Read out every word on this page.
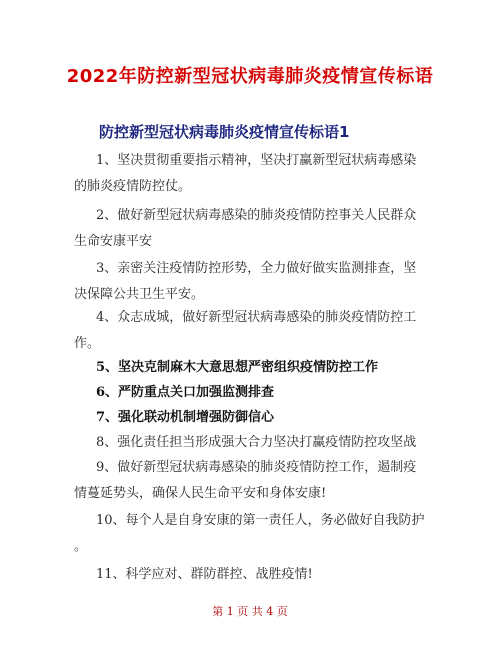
2022年防控新型冠状病毒肺炎疫情宣传标语
防控新型冠状病毒肺炎疫情宣传标语1
1、坚决贯彻重要指示精神，坚决打赢新型冠状病毒感染
的肺炎疫情防控仗。
2、做好新型冠状病毒感染的肺炎疫情防控事关人民群众
生命安康平安
3、亲密关注疫情防控形势，全力做好做实监测排查，坚
决保障公共卫生平安。
4、众志成城，做好新型冠状病毒感染的肺炎疫情防控工
作。
5、坚决克制麻木大意思想严密组织疫情防控工作
6、严防重点关口加强监测排查
7、强化联动机制增强防御信心
8、强化责任担当形成强大合力坚决打赢疫情防控攻坚战
9、做好新型冠状病毒感染的肺炎疫情防控工作，遏制疫
情蔓延势头，确保人民生命平安和身体安康!
10、每个人是自身安康的第一责任人，务必做好自我防护
。
11、科学应对、群防群控、战胜疫情!
第 1 页 共 4 页
